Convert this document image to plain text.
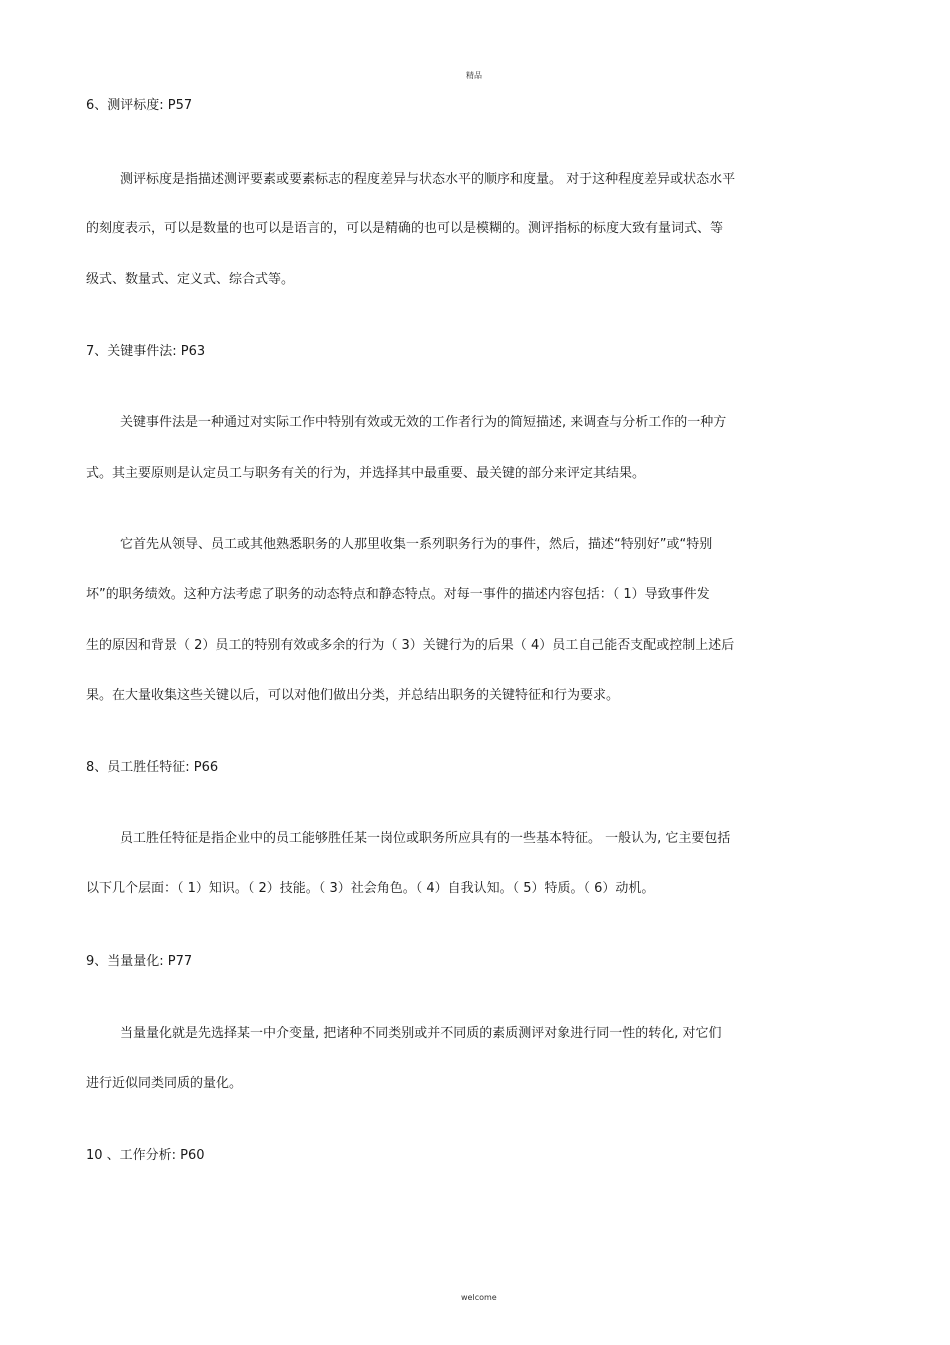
精品
6、测评标度: P57
测评标度是指描述测评要素或要素标志的程度差异与状态水平的顺序和度量。 对于这种程度差异或状态水平
的刻度表示，可以是数量的也可以是语言的，可以是精确的也可以是模糊的。测评指标的标度大致有量词式、等
级式、数量式、定义式、综合式等。
7、关键事件法: P63
关键事件法是一种通过对实际工作中特别有效或无效的工作者行为的简短描述, 来调查与分析工作的一种方
式。其主要原则是认定员工与职务有关的行为，并选择其中最重要、最关键的部分来评定其结果。
它首先从领导、员工或其他熟悉职务的人那里收集一系列职务行为的事件，然后，描述“特别好”或“特别
坏”的职务绩效。这种方法考虑了职务的动态特点和静态特点。对每一事件的描述内容包括：（ 1）导致事件发
生的原因和背景（ 2）员工的特别有效或多余的行为（ 3）关键行为的后果（ 4）员工自己能否支配或控制上述后
果。在大量收集这些关键以后，可以对他们做出分类，并总结出职务的关键特征和行为要求。
8、员工胜任特征: P66
员工胜任特征是指企业中的员工能够胜任某一岗位或职务所应具有的一些基本特征。 一般认为, 它主要包括
以下几个层面：（ 1）知识。（ 2）技能。（ 3）社会角色。（ 4）自我认知。（ 5）特质。（ 6）动机。
9、当量量化: P77
当量量化就是先选择某一中介变量, 把诸种不同类别或并不同质的素质测评对象进行同一性的转化, 对它们
进行近似同类同质的量化。
10 、工作分析: P60
welcome
